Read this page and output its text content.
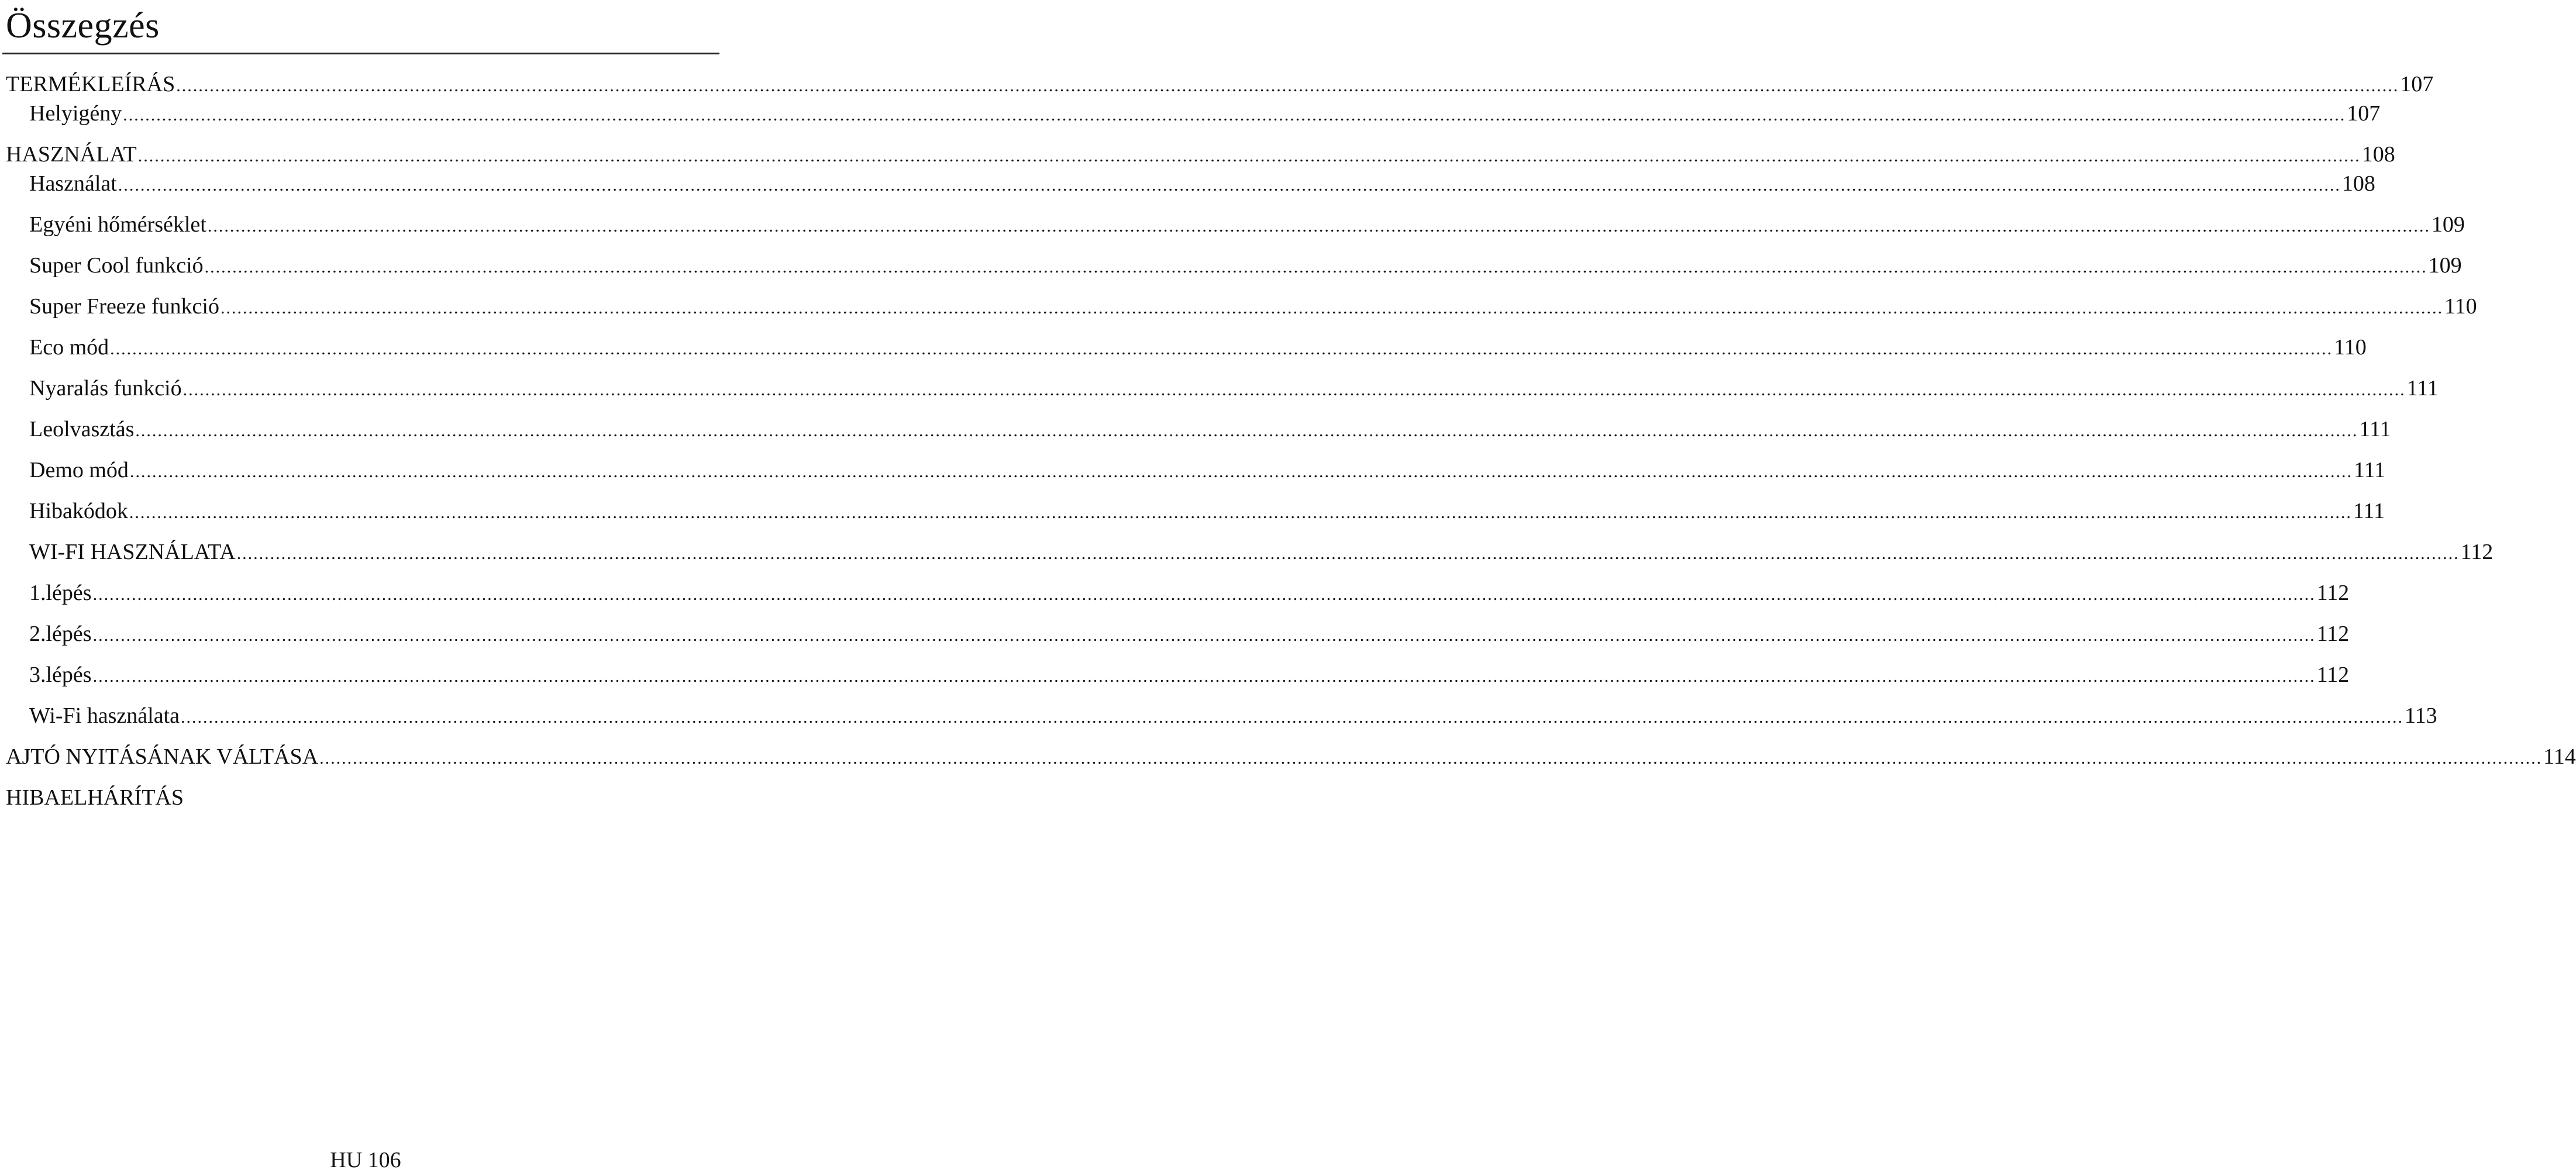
Összegzés
TERMÉKLEÍRÁS ................................................................................................................................................................................................................................................................................................................................................................................................................ 107
Helyigény ................................................................................................................................................................................................................................................................................................................................................................................................................ 107
HASZNÁLAT ................................................................................................................................................................................................................................................................................................................................................................................................................ 108
Használat ................................................................................................................................................................................................................................................................................................................................................................................................................ 108
Egyéni hőmérséklet ................................................................................................................................................................................................................................................................................................................................................................................................................ 109
Super Cool funkció ................................................................................................................................................................................................................................................................................................................................................................................................................ 109
Super Freeze funkció ................................................................................................................................................................................................................................................................................................................................................................................................................ 110
Eco mód ................................................................................................................................................................................................................................................................................................................................................................................................................ 110
Nyaralás funkció ................................................................................................................................................................................................................................................................................................................................................................................................................ 111
Leolvasztás ................................................................................................................................................................................................................................................................................................................................................................................................................ 111
Demo mód ................................................................................................................................................................................................................................................................................................................................................................................................................ 111
Hibakódok ................................................................................................................................................................................................................................................................................................................................................................................................................ 111
WI-FI HASZNÁLATA ................................................................................................................................................................................................................................................................................................................................................................................................................ 112
1.lépés ................................................................................................................................................................................................................................................................................................................................................................................................................ 112
2.lépés ................................................................................................................................................................................................................................................................................................................................................................................................................ 112
3.lépés ................................................................................................................................................................................................................................................................................................................................................................................................................ 112
Wi-Fi használata ................................................................................................................................................................................................................................................................................................................................................................................................................ 113
AJTÓ NYITÁSÁNAK VÁLTÁSA ................................................................................................................................................................................................................................................................................................................................................................................................................ 114
HIBAELHÁRÍTÁS
HU 106
